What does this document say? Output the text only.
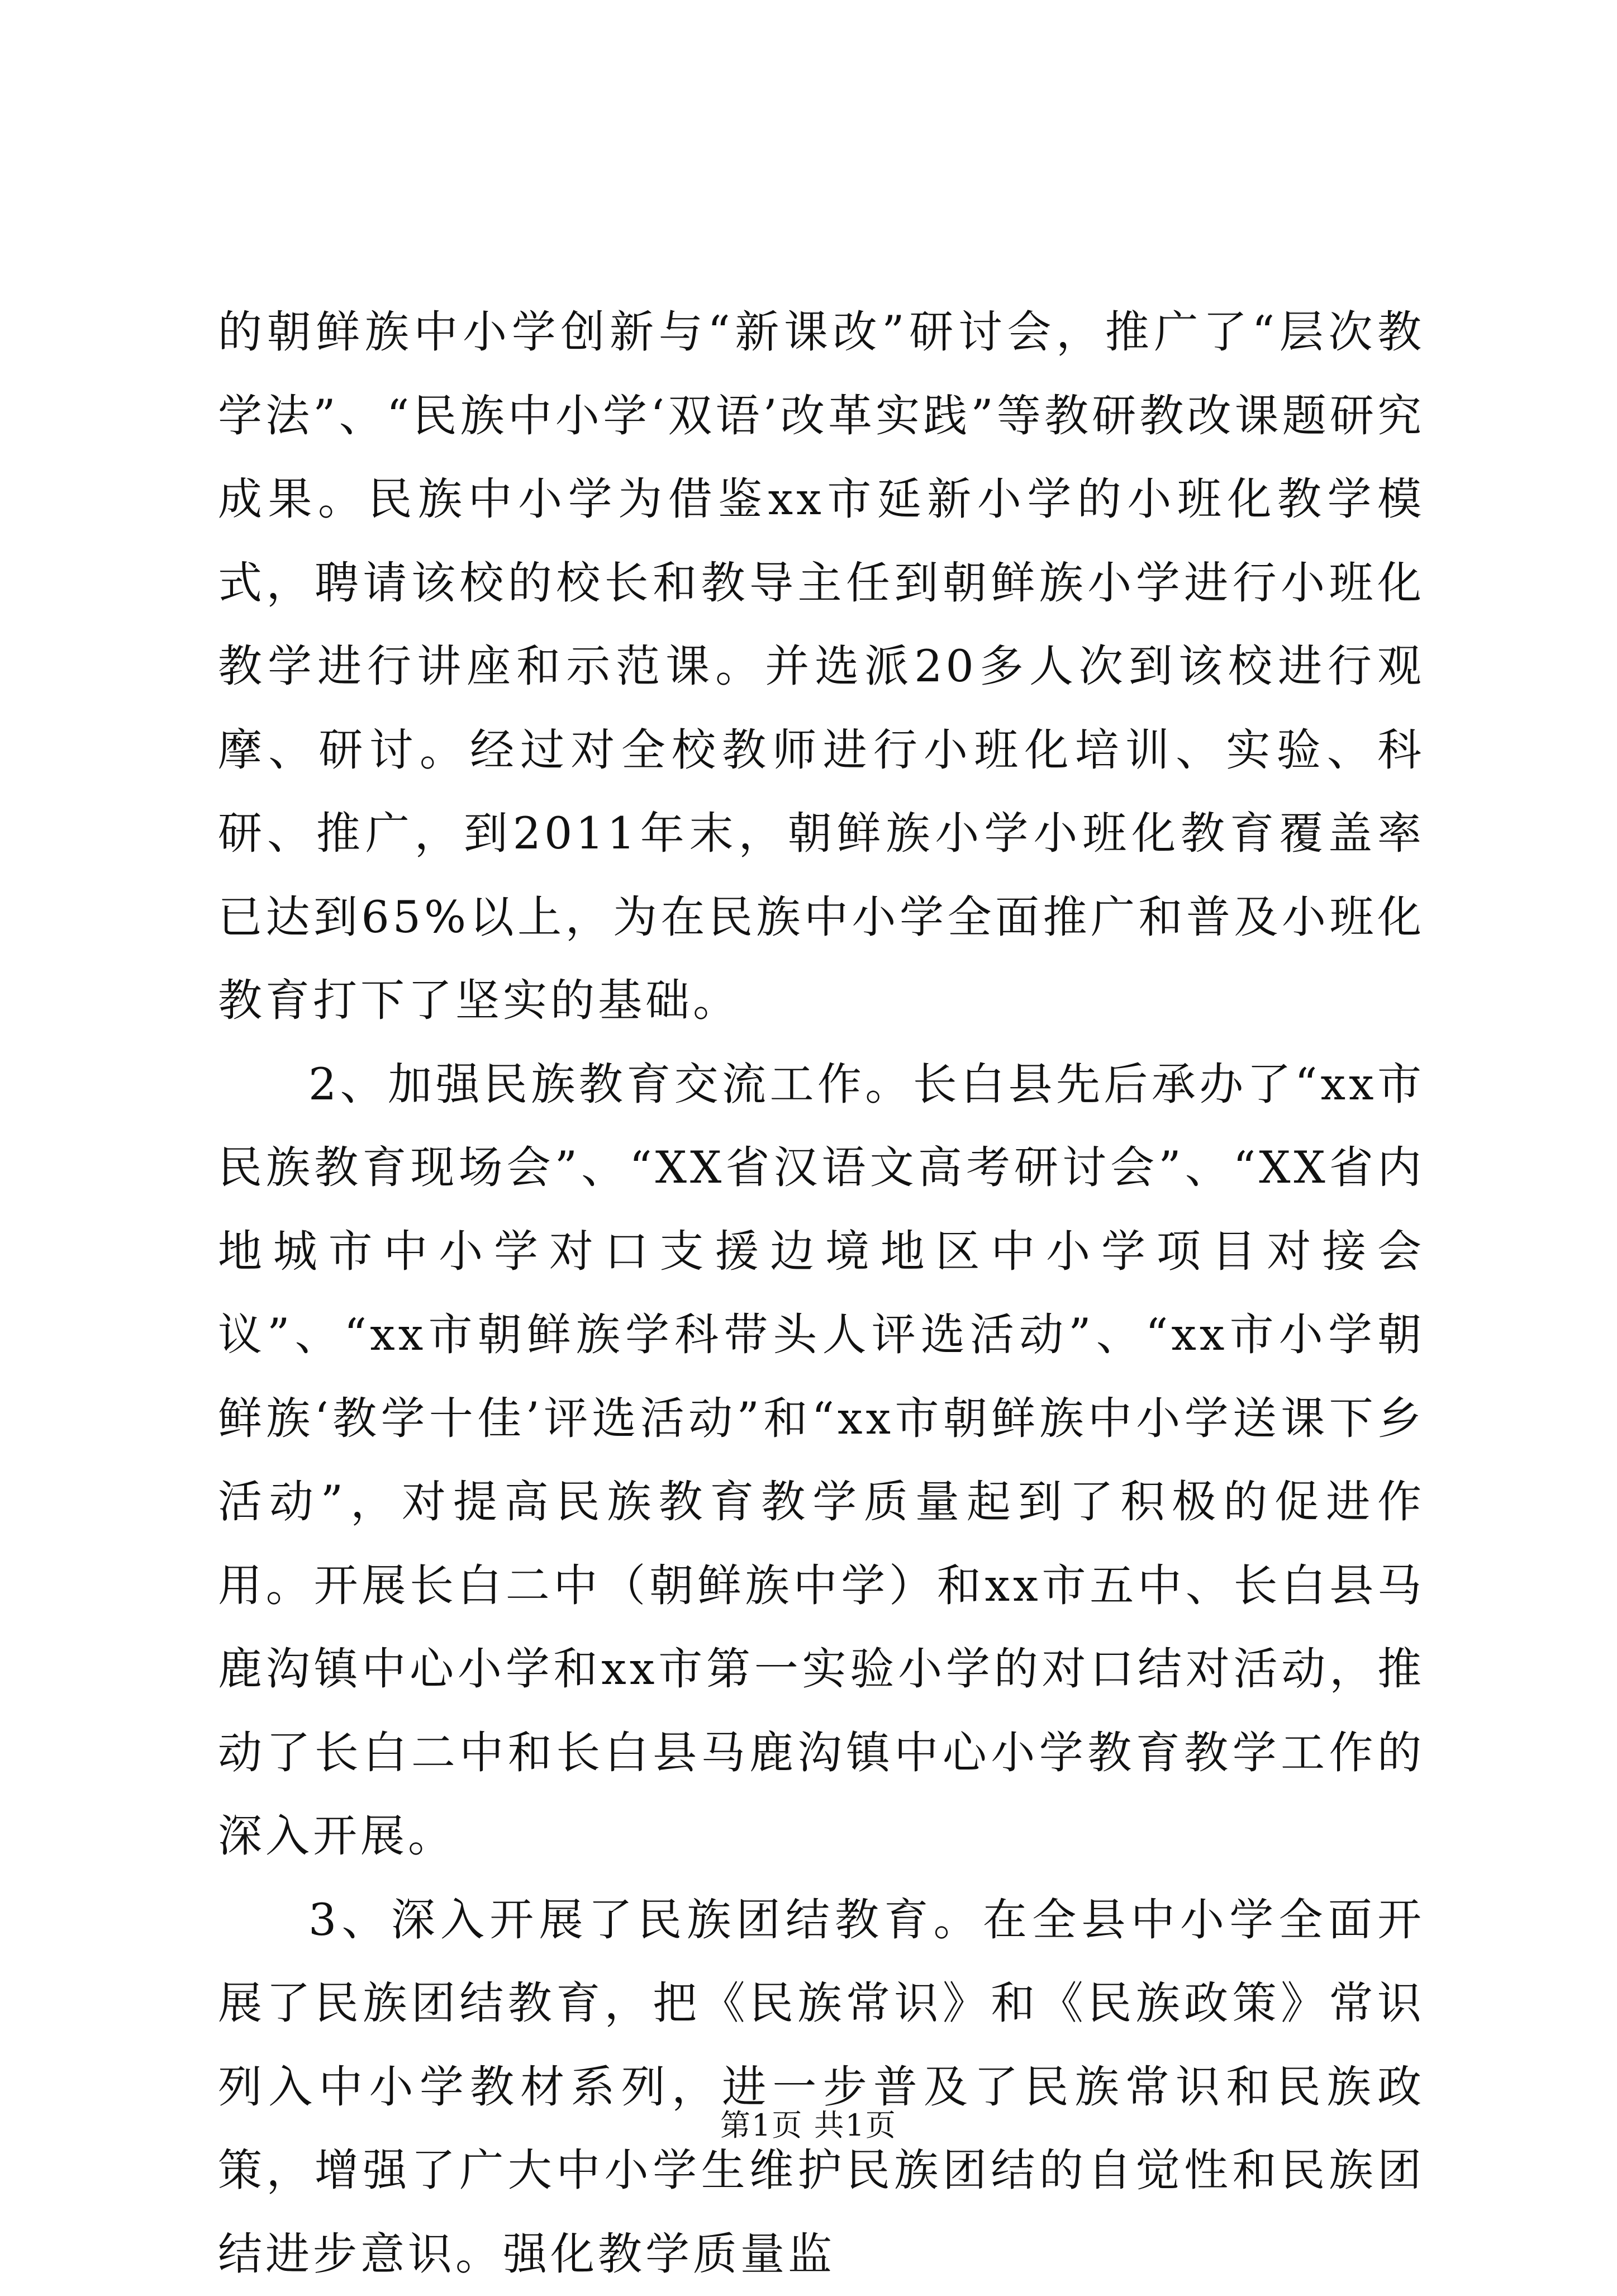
的朝鲜族中小学创新与“新课改”研讨会，推广了“层次教学法”、“民族中小学‘双语’改革实践”等教研教改课题研究成果。民族中小学为借鉴xx市延新小学的小班化教学模式，聘请该校的校长和教导主任到朝鲜族小学进行小班化教学进行讲座和示范课。并选派20多人次到该校进行观摩、研讨。经过对全校教师进行小班化培训、实验、科研、推广，到2011年末，朝鲜族小学小班化教育覆盖率已达到65%以上，为在民族中小学全面推广和普及小班化教育打下了坚实的基础。

2、加强民族教育交流工作。长白县先后承办了“xx市民族教育现场会”、“XX省汉语文高考研讨会”、“XX省内地城市中小学对口支援边境地区中小学项目对接会议”、“xx市朝鲜族学科带头人评选活动”、“xx市小学朝鲜族‘教学十佳’评选活动”和“xx市朝鲜族中小学送课下乡活动”，对提高民族教育教学质量起到了积极的促进作用。开展长白二中（朝鲜族中学）和xx市五中、长白县马鹿沟镇中心小学和xx市第一实验小学的对口结对活动，推动了长白二中和长白县马鹿沟镇中心小学教育教学工作的深入开展。

3、深入开展了民族团结教育。在全县中小学全面开展了民族团结教育，把《民族常识》和《民族政策》常识列入中小学教材系列，进一步普及了民族常识和民族政策，增强了广大中小学生维护民族团结的自觉性和民族团结进步意识。强化教学质量监

第1页 共1页
